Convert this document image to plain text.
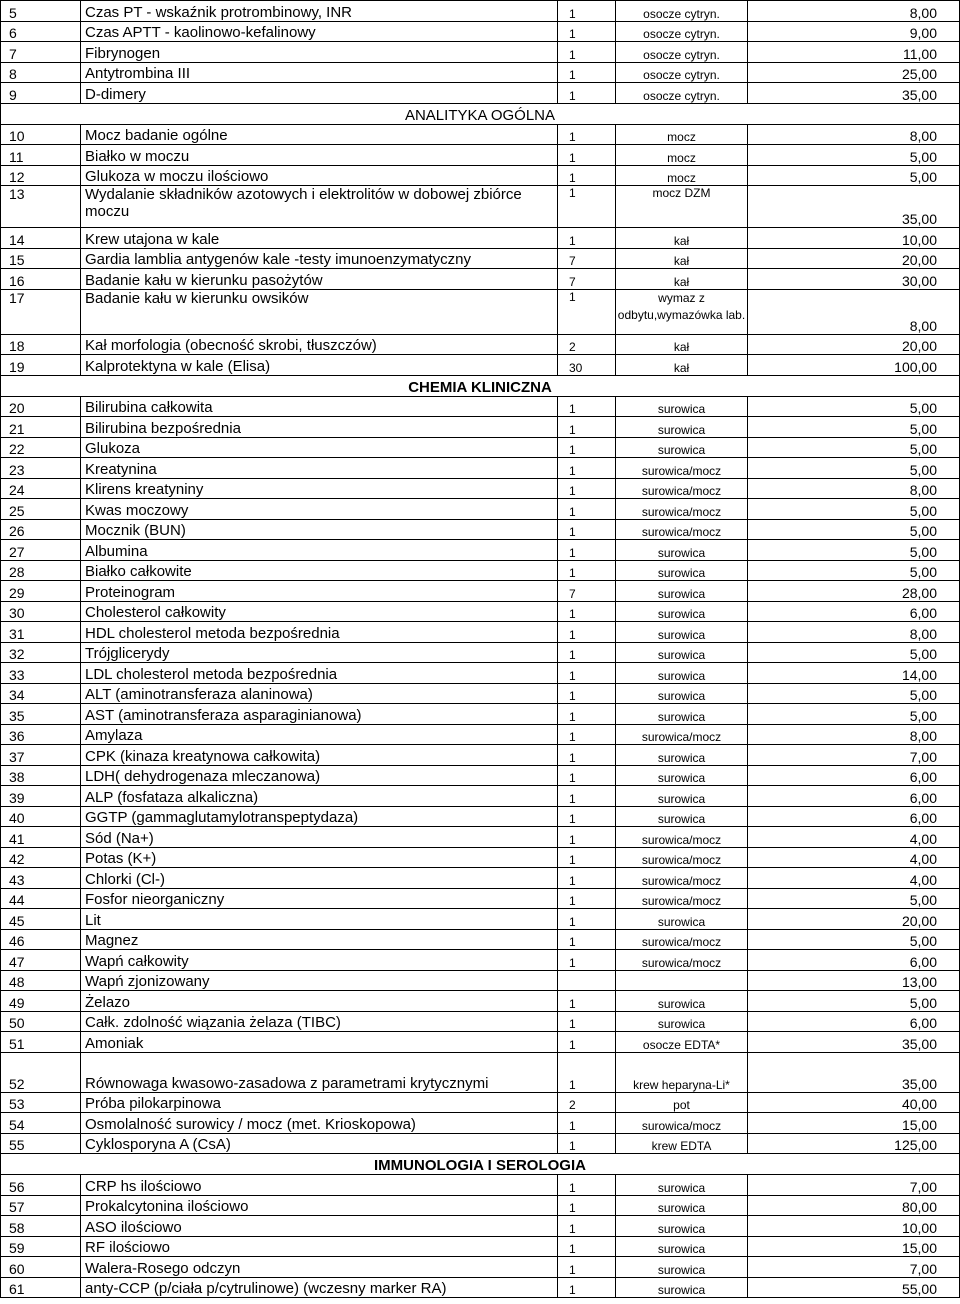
5	Czas PT - wskaźnik protrombinowy, INR	1	osocze cytryn.	8,00
6	Czas APTT - kaolinowo-kefalinowy	1	osocze cytryn.	9,00
7	Fibrynogen	1	osocze cytryn.	11,00
8	Antytrombina III	1	osocze cytryn.	25,00
9	D-dimery	1	osocze cytryn.	35,00
ANALITYKA OGÓLNA				
10	Mocz badanie ogólne	1	mocz	8,00
11	Białko w moczu	1	mocz	5,00
12	Glukoza w moczu ilościowo	1	mocz	5,00
13	Wydalanie składników azotowych i elektrolitów w dobowej zbiórce moczu	1	mocz DZM	35,00
14	Krew utajona w kale	1	kał	10,00
15	Gardia lamblia antygenów kale -testy imunoenzymatyczny	7	kał	20,00
16	Badanie kału w kierunku pasożytów	7	kał	30,00
17	Badanie kału w kierunku owsików	1	wymaz z odbytu,wymazówka lab.	8,00
18	Kał morfologia (obecność skrobi, tłuszczów)	2	kał	20,00
19	Kalprotektyna w kale (Elisa)	30	kał	100,00
CHEMIA KLINICZNA				
20	Bilirubina całkowita	1	surowica	5,00
21	Bilirubina bezpośrednia	1	surowica	5,00
22	Glukoza	1	surowica	5,00
23	Kreatynina	1	surowica/mocz	5,00
24	Klirens kreatyniny	1	surowica/mocz	8,00
25	Kwas moczowy	1	surowica/mocz	5,00
26	Mocznik (BUN)	1	surowica/mocz	5,00
27	Albumina	1	surowica	5,00
28	Białko całkowite	1	surowica	5,00
29	Proteinogram	7	surowica	28,00
30	Cholesterol całkowity	1	surowica	6,00
31	HDL cholesterol metoda bezpośrednia	1	surowica	8,00
32	Trójglicerydy	1	surowica	5,00
33	LDL cholesterol metoda bezpośrednia	1	surowica	14,00
34	ALT (aminotransferaza alaninowa)	1	surowica	5,00
35	AST (aminotransferaza asparaginianowa)	1	surowica	5,00
36	Amylaza	1	surowica/mocz	8,00
37	CPK (kinaza kreatynowa całkowita)	1	surowica	7,00
38	LDH( dehydrogenaza mleczanowa)	1	surowica	6,00
39	ALP (fosfataza alkaliczna)	1	surowica	6,00
40	GGTP (gammaglutamylotranspeptydaza)	1	surowica	6,00
41	Sód (Na+)	1	surowica/mocz	4,00
42	Potas (K+)	1	surowica/mocz	4,00
43	Chlorki (Cl-)	1	surowica/mocz	4,00
44	Fosfor nieorganiczny	1	surowica/mocz	5,00
45	Lit	1	surowica	20,00
46	Magnez	1	surowica/mocz	5,00
47	Wapń całkowity	1	surowica/mocz	6,00
48	Wapń zjonizowany			13,00
49	Żelazo	1	surowica	5,00
50	Całk. zdolność wiązania żelaza (TIBC)	1	surowica	6,00
51	Amoniak	1	osocze EDTA*	35,00
52	Równowaga kwasowo-zasadowa z parametrami krytycznymi	1	krew heparyna-Li*	35,00
53	Próba pilokarpinowa	2	pot	40,00
54	Osmolalność surowicy / mocz (met. Krioskopowa)	1	surowica/mocz	15,00
55	Cyklosporyna A (CsA)	1	krew EDTA	125,00
IMMUNOLOGIA I SEROLOGIA				
56	CRP hs ilościowo	1	surowica	7,00
57	Prokalcytonina ilościowo	1	surowica	80,00
58	ASO ilościowo	1	surowica	10,00
59	RF ilościowo	1	surowica	15,00
60	Walera-Rosego odczyn	1	surowica	7,00
61	anty-CCP (p/ciała p/cytrulinowe) (wczesny marker RA)	1	surowica	55,00
